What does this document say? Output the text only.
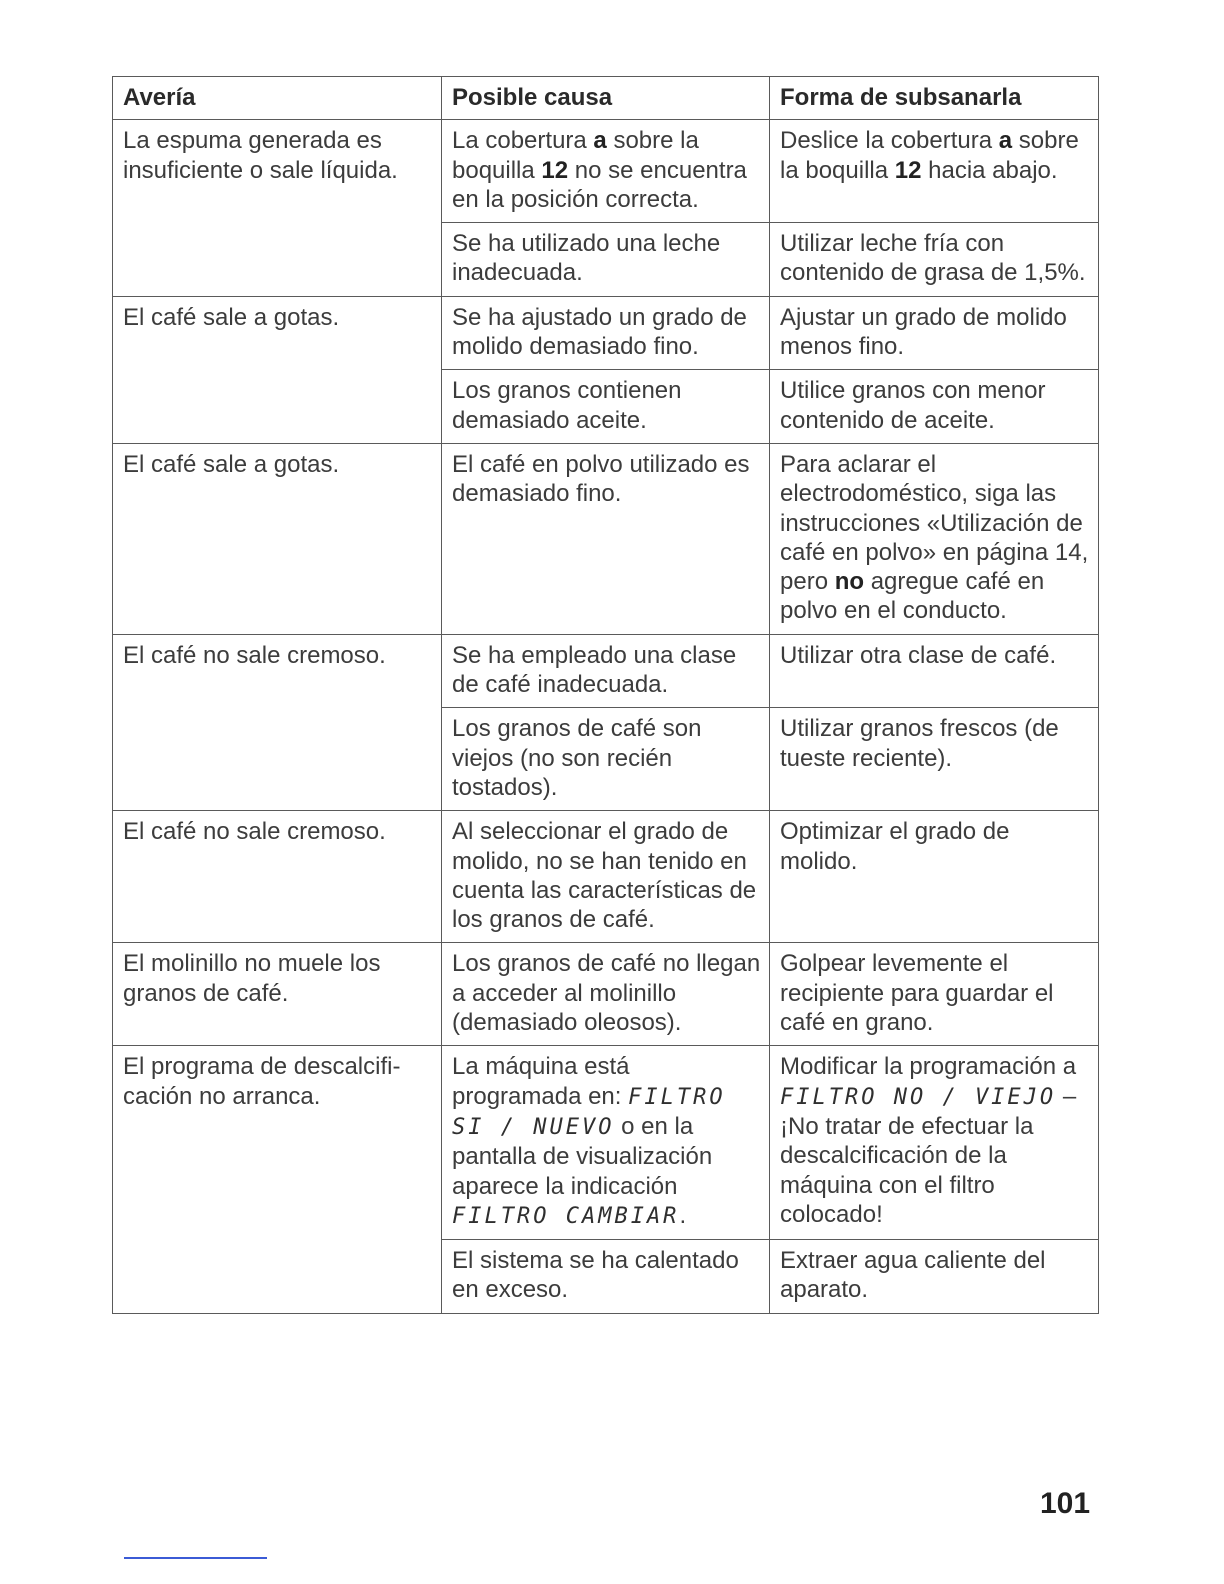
Avería	Posible causa	Forma de subsanarla
La espuma generada es insuficiente o sale líquida.	La cobertura a sobre la boquilla 12 no se encuentra en la posición correcta.	Deslice la cobertura a sobre la boquilla 12 hacia abajo.
	Se ha utilizado una leche inadecuada.	Utilizar leche fría con contenido de grasa de 1,5%.
El café sale a gotas.	Se ha ajustado un grado de molido demasiado fino.	Ajustar un grado de molido menos fino.
	Los granos contienen demasiado aceite.	Utilice granos con menor contenido de aceite.
El café sale a gotas.	El café en polvo utilizado es demasiado fino.	Para aclarar el electrodoméstico, siga las instrucciones «Utilización de café en polvo» en página 14, pero no agregue café en polvo en el conducto.
El café no sale cremoso.	Se ha empleado una clase de café inadecuada.	Utilizar otra clase de café.
	Los granos de café son viejos (no son recién tostados).	Utilizar granos frescos (de tueste reciente).
El café no sale cremoso.	Al seleccionar el grado de molido, no se han tenido en cuenta las características de los granos de café.	Optimizar el grado de molido.
El molinillo no muele los granos de café.	Los granos de café no llegan a acceder al molinillo (demasiado oleosos).	Golpear levemente el recipiente para guardar el café en grano.
El programa de descalcifi-cación no arranca.	La máquina está programada en: FILTRO SI / NUEVO o en la pantalla de visualización aparece la indicación FILTRO CAMBIAR.	Modificar la programación a FILTRO NO / VIEJO – ¡No tratar de efectuar la descalcificación de la máquina con el filtro colocado!
	El sistema se ha calentado en exceso.	Extraer agua caliente del aparato.
101
